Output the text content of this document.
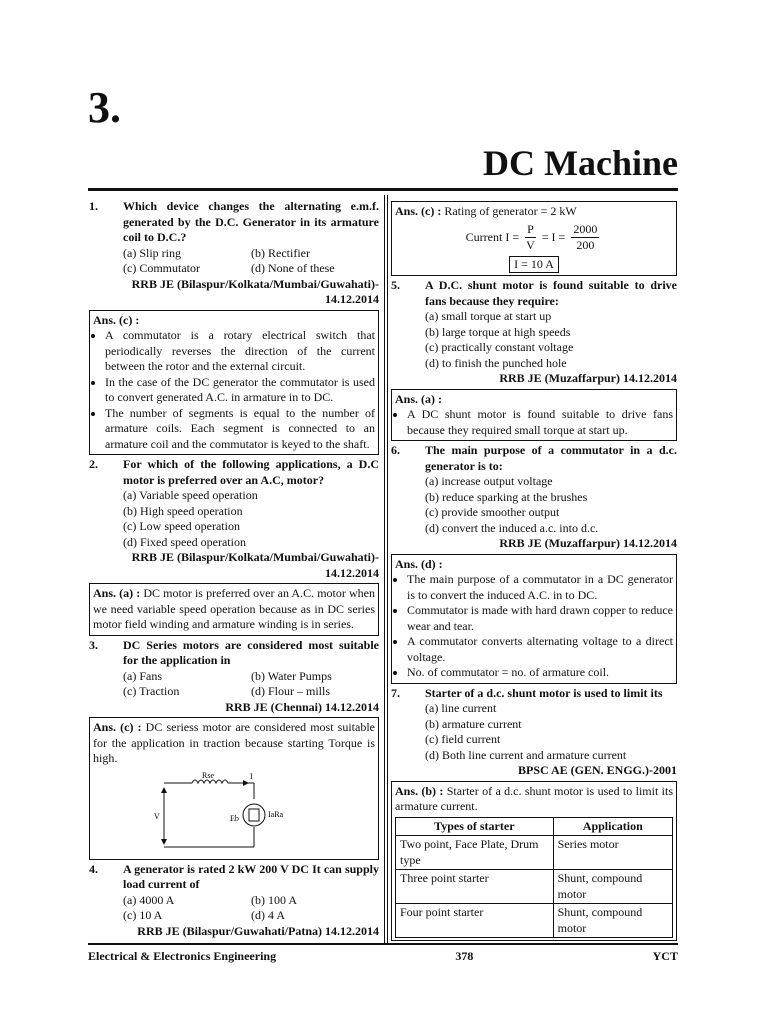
3.
DC Machine
1.	Which device changes the alternating e.m.f. generated by the D.C. Generator in its armature coil to D.C.?
(a) Slip ring	(b) Rectifier
(c) Commutator	(d) None of these
RRB JE (Bilaspur/Kolkata/Mumbai/Guwahati)- 14.12.2014
Ans. (c) :
• A commutator is a rotary electrical switch that periodically reverses the direction of the current between the rotor and the external circuit.
• In the case of the DC generator the commutator is used to convert generated A.C. in armature in to DC.
• The number of segments is equal to the number of armature coils. Each segment is connected to an armature coil and the commutator is keyed to the shaft.
2.	For which of the following applications, a D.C motor is preferred over an A.C, motor?
(a) Variable speed operation
(b) High speed operation
(c) Low speed operation
(d) Fixed speed operation
RRB JE (Bilaspur/Kolkata/Mumbai/Guwahati)- 14.12.2014
Ans. (a) : DC motor is preferred over an A.C. motor when we need variable speed operation because as in DC series motor field winding and armature winding is in series.
3.	DC Series motors are considered most suitable for the application in
(a) Fans	(b) Water Pumps
(c) Traction	(d) Flour – mills
RRB JE (Chennai) 14.12.2014
Ans. (c) : DC seriess motor are considered most suitable for the application in traction because starting Torque is high.
Rse	I
V	Eb	IaRa
4.	A generator is rated 2 kW 200 V DC It can supply load current of
(a) 4000 A	(b) 100 A
(c) 10 A	(d) 4 A
RRB JE (Bilaspur/Guwahati/Patna) 14.12.2014
Ans. (c) : Rating of generator = 2 kW
Current $I = \frac{P}{V} = I = \frac{2000}{200}$
I = 10 A
5.	A D.C. shunt motor is found suitable to drive fans because they require:
(a) small torque at start up
(b) large torque at high speeds
(c) practically constant voltage
(d) to finish the punched hole
RRB JE (Muzaffarpur) 14.12.2014
Ans. (a) :
• A DC shunt motor is found suitable to drive fans because they required small torque at start up.
6.	The main purpose of a commutator in a d.c. generator is to:
(a) increase output voltage
(b) reduce sparking at the brushes
(c) provide smoother output
(d) convert the induced a.c. into d.c.
RRB JE (Muzaffarpur) 14.12.2014
Ans. (d) :
• The main purpose of a commutator in a DC generator is to convert the induced A.C. in to DC.
• Commutator is made with hard drawn copper to reduce wear and tear.
• A commutator converts alternating voltage to a direct voltage.
• No. of commutator = no. of armature coil.
7.	Starter of a d.c. shunt motor is used to limit its
(a) line current
(b) armature current
(c) field current
(d) Both line current and armature current
BPSC AE (GEN. ENGG.)-2001
Ans. (b) : Starter of a d.c. shunt motor is used to limit its armature current.
Types of starter	Application
Two point, Face Plate, Drum type	Series motor
Three point starter	Shunt, compound motor
Four point starter	Shunt, compound motor
Electrical & Electronics Engineering	378	YCT
